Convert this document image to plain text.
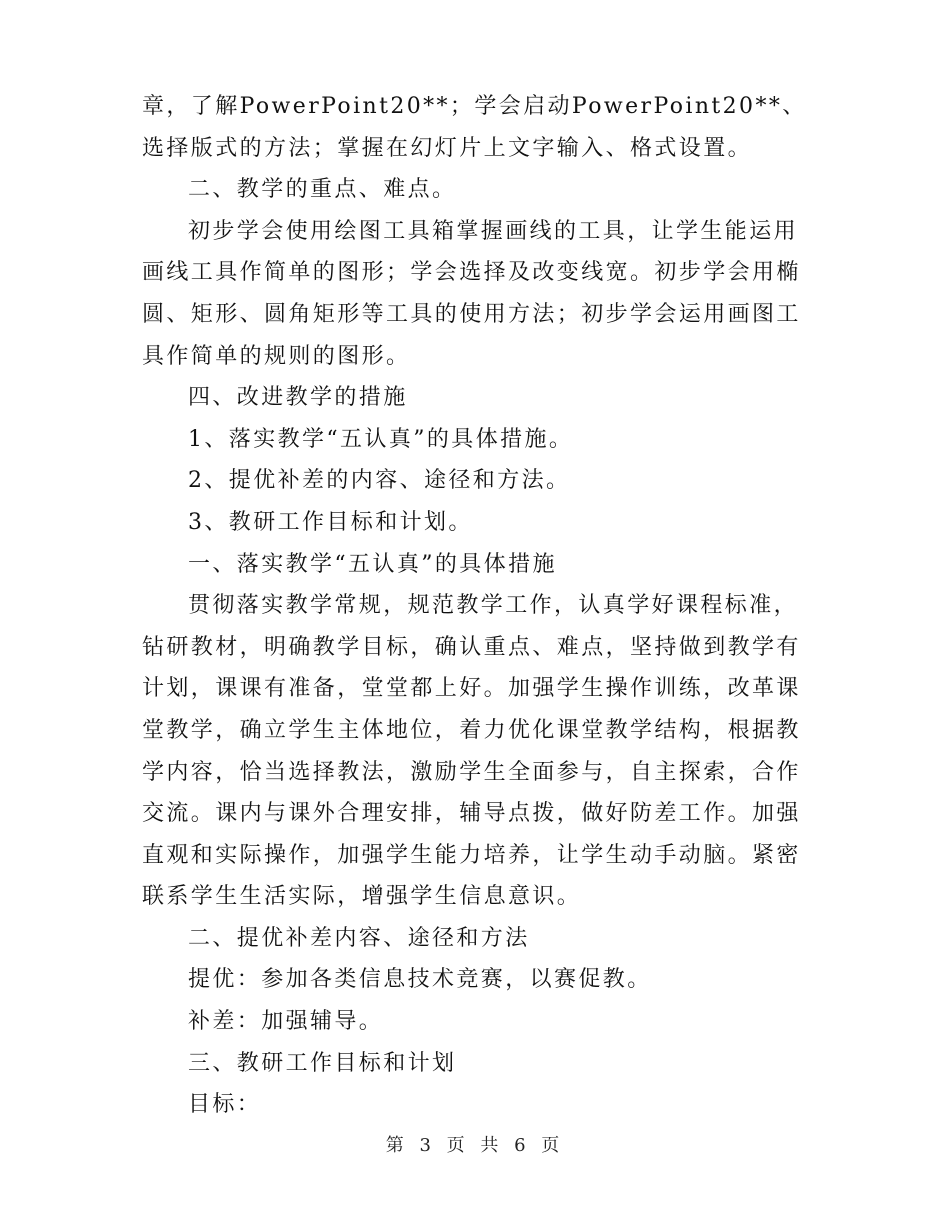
章，了解PowerPoint20**；学会启动PowerPoint20**、选择版式的方法；掌握在幻灯片上文字输入、格式设置。

二、教学的重点、难点。

初步学会使用绘图工具箱掌握画线的工具，让学生能运用画线工具作简单的图形；学会选择及改变线宽。初步学会用椭圆、矩形、圆角矩形等工具的使用方法；初步学会运用画图工具作简单的规则的图形。

四、改进教学的措施

1、落实教学“五认真”的具体措施。

2、提优补差的内容、途径和方法。

3、教研工作目标和计划。

一、落实教学“五认真”的具体措施

贯彻落实教学常规，规范教学工作，认真学好课程标准，钻研教材，明确教学目标，确认重点、难点，坚持做到教学有计划，课课有准备，堂堂都上好。加强学生操作训练，改革课堂教学，确立学生主体地位，着力优化课堂教学结构，根据教学内容，恰当选择教法，激励学生全面参与，自主探索，合作交流。课内与课外合理安排，辅导点拨，做好防差工作。加强直观和实际操作，加强学生能力培养，让学生动手动脑。紧密联系学生生活实际，增强学生信息意识。

二、提优补差内容、途径和方法

提优：参加各类信息技术竞赛，以赛促教。

补差：加强辅导。

三、教研工作目标和计划

目标：

第 3 页 共 6 页
